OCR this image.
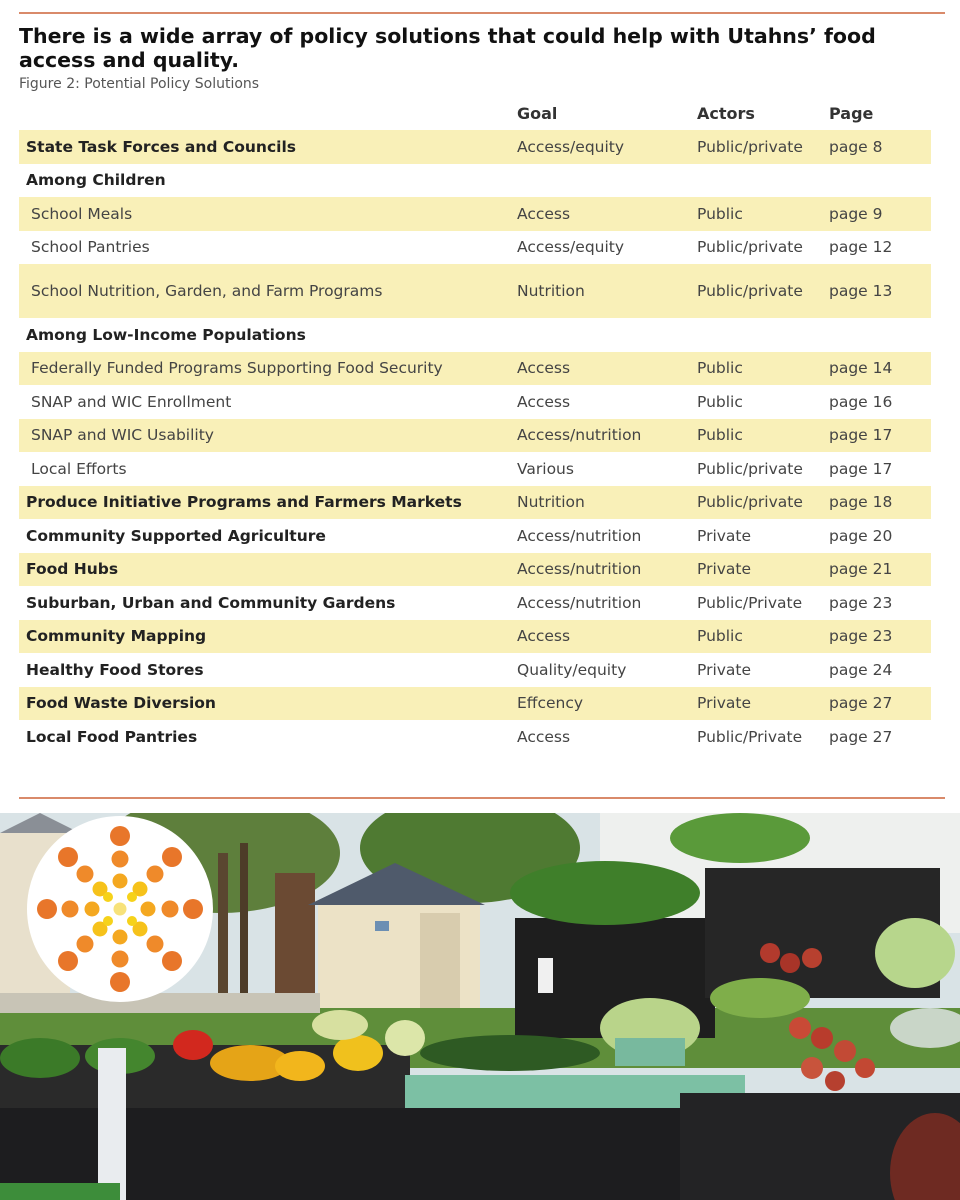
There is a wide array of policy solutions that could help with Utahns’ food access and quality.
Figure 2: Potential Policy Solutions
Goal	Actors	Page
State Task Forces and Councils	Access/equity	Public/private page 8
Among Children
School Meals	Access	Public	page 9
School Pantries	Access/equity	Public/private page 12
School Nutrition, Garden, and Farm Programs	Nutrition	Public/private page 13
Among Low-Income Populations
Federally Funded Programs Supporting Food Security	Access	Public	page 14
SNAP and WIC Enrollment	Access	Public	page 16
SNAP and WIC Usability	Access/nutrition	Public	page 17
Local Efforts	Various	Public/private page 17
Produce Initiative Programs and Farmers Markets	Nutrition	Public/private page 18
Community Supported Agriculture	Access/nutrition	Private	page 20
Food Hubs	Access/nutrition	Private	page 21
Suburban, Urban and Community Gardens	Access/nutrition	Public/Private page 23
Community Mapping	Access	Public	page 23
Healthy Food Stores	Quality/equity	Private	page 24
Food Waste Diversion	Effcency	Private	page 27
Local Food Pantries	Access	Public/Private page 27
